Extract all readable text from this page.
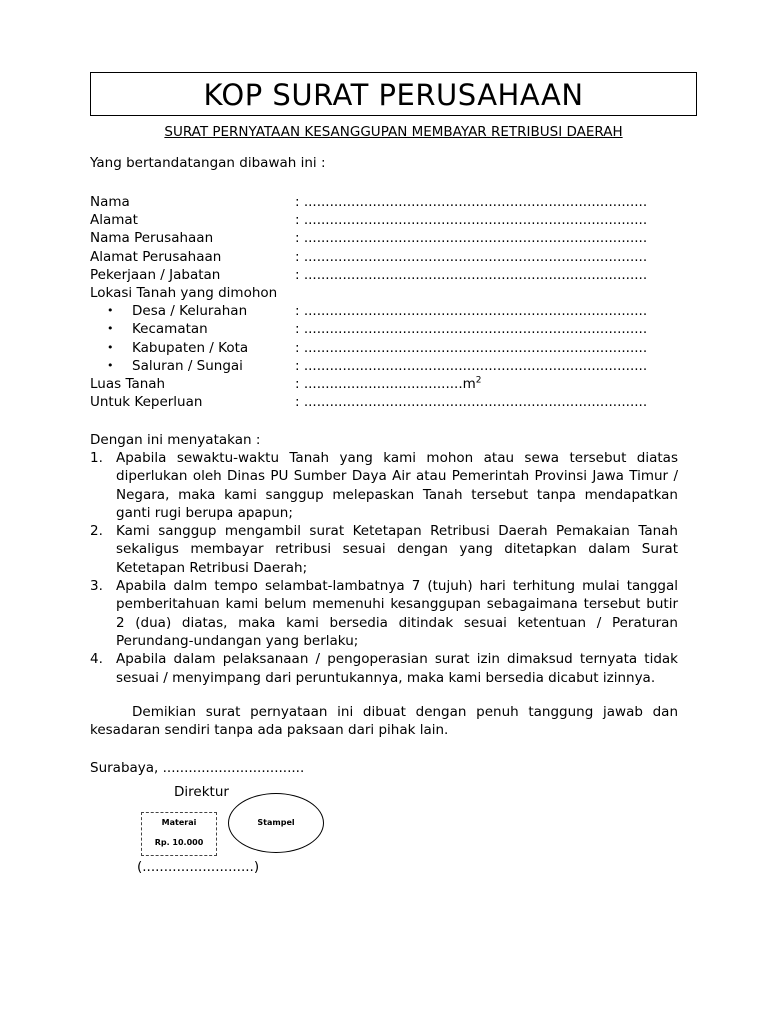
KOP SURAT PERUSAHAAN
SURAT PERNYATAAN KESANGGUPAN MEMBAYAR RETRIBUSI DAERAH
Yang bertandatangan dibawah ini :
Nama	: ................................................................................
Alamat	: ................................................................................
Nama Perusahaan	: ................................................................................
Alamat Perusahaan	: ................................................................................
Pekerjaan / Jabatan	: ................................................................................
Lokasi Tanah yang dimohon
• Desa / Kelurahan	: ................................................................................
• Kecamatan	: ................................................................................
• Kabupaten / Kota	: ................................................................................
• Saluran / Sungai	: ................................................................................
Luas Tanah	: $.....................................m^2$
Untuk Keperluan	: ................................................................................
Dengan ini menyatakan :

1. Apabila sewaktu-waktu Tanah yang kami mohon atau sewa tersebut diatas diperlukan oleh Dinas PU Sumber Daya Air atau Pemerintah Provinsi Jawa Timur / Negara, maka kami sanggup melepaskan Tanah tersebut tanpa mendapatkan ganti rugi berupa apapun;

2. Kami sanggup mengambil surat Ketetapan Retribusi Daerah Pemakaian Tanah sekaligus membayar retribusi sesuai dengan yang ditetapkan dalam Surat Ketetapan Retribusi Daerah;

3. Apabila dalm tempo selambat-lambatnya 7 (tujuh) hari terhitung mulai tanggal pemberitahuan kami belum memenuhi kesanggupan sebagaimana tersebut butir 2 (dua) diatas, maka kami bersedia ditindak sesuai ketentuan / Peraturan Perundang-undangan yang berlaku;

4. Apabila dalam pelaksanaan / pengoperasian surat izin dimaksud ternyata tidak sesuai / menyimpang dari peruntukannya, maka kami bersedia dicabut izinnya.

Demikian surat pernyataan ini dibuat dengan penuh tanggung jawab dan kesadaran sendiri tanpa ada paksaan dari pihak lain.
Surabaya, .................................
Direktur
Materai
Rp. 10.000
Stampel
(..........................)
